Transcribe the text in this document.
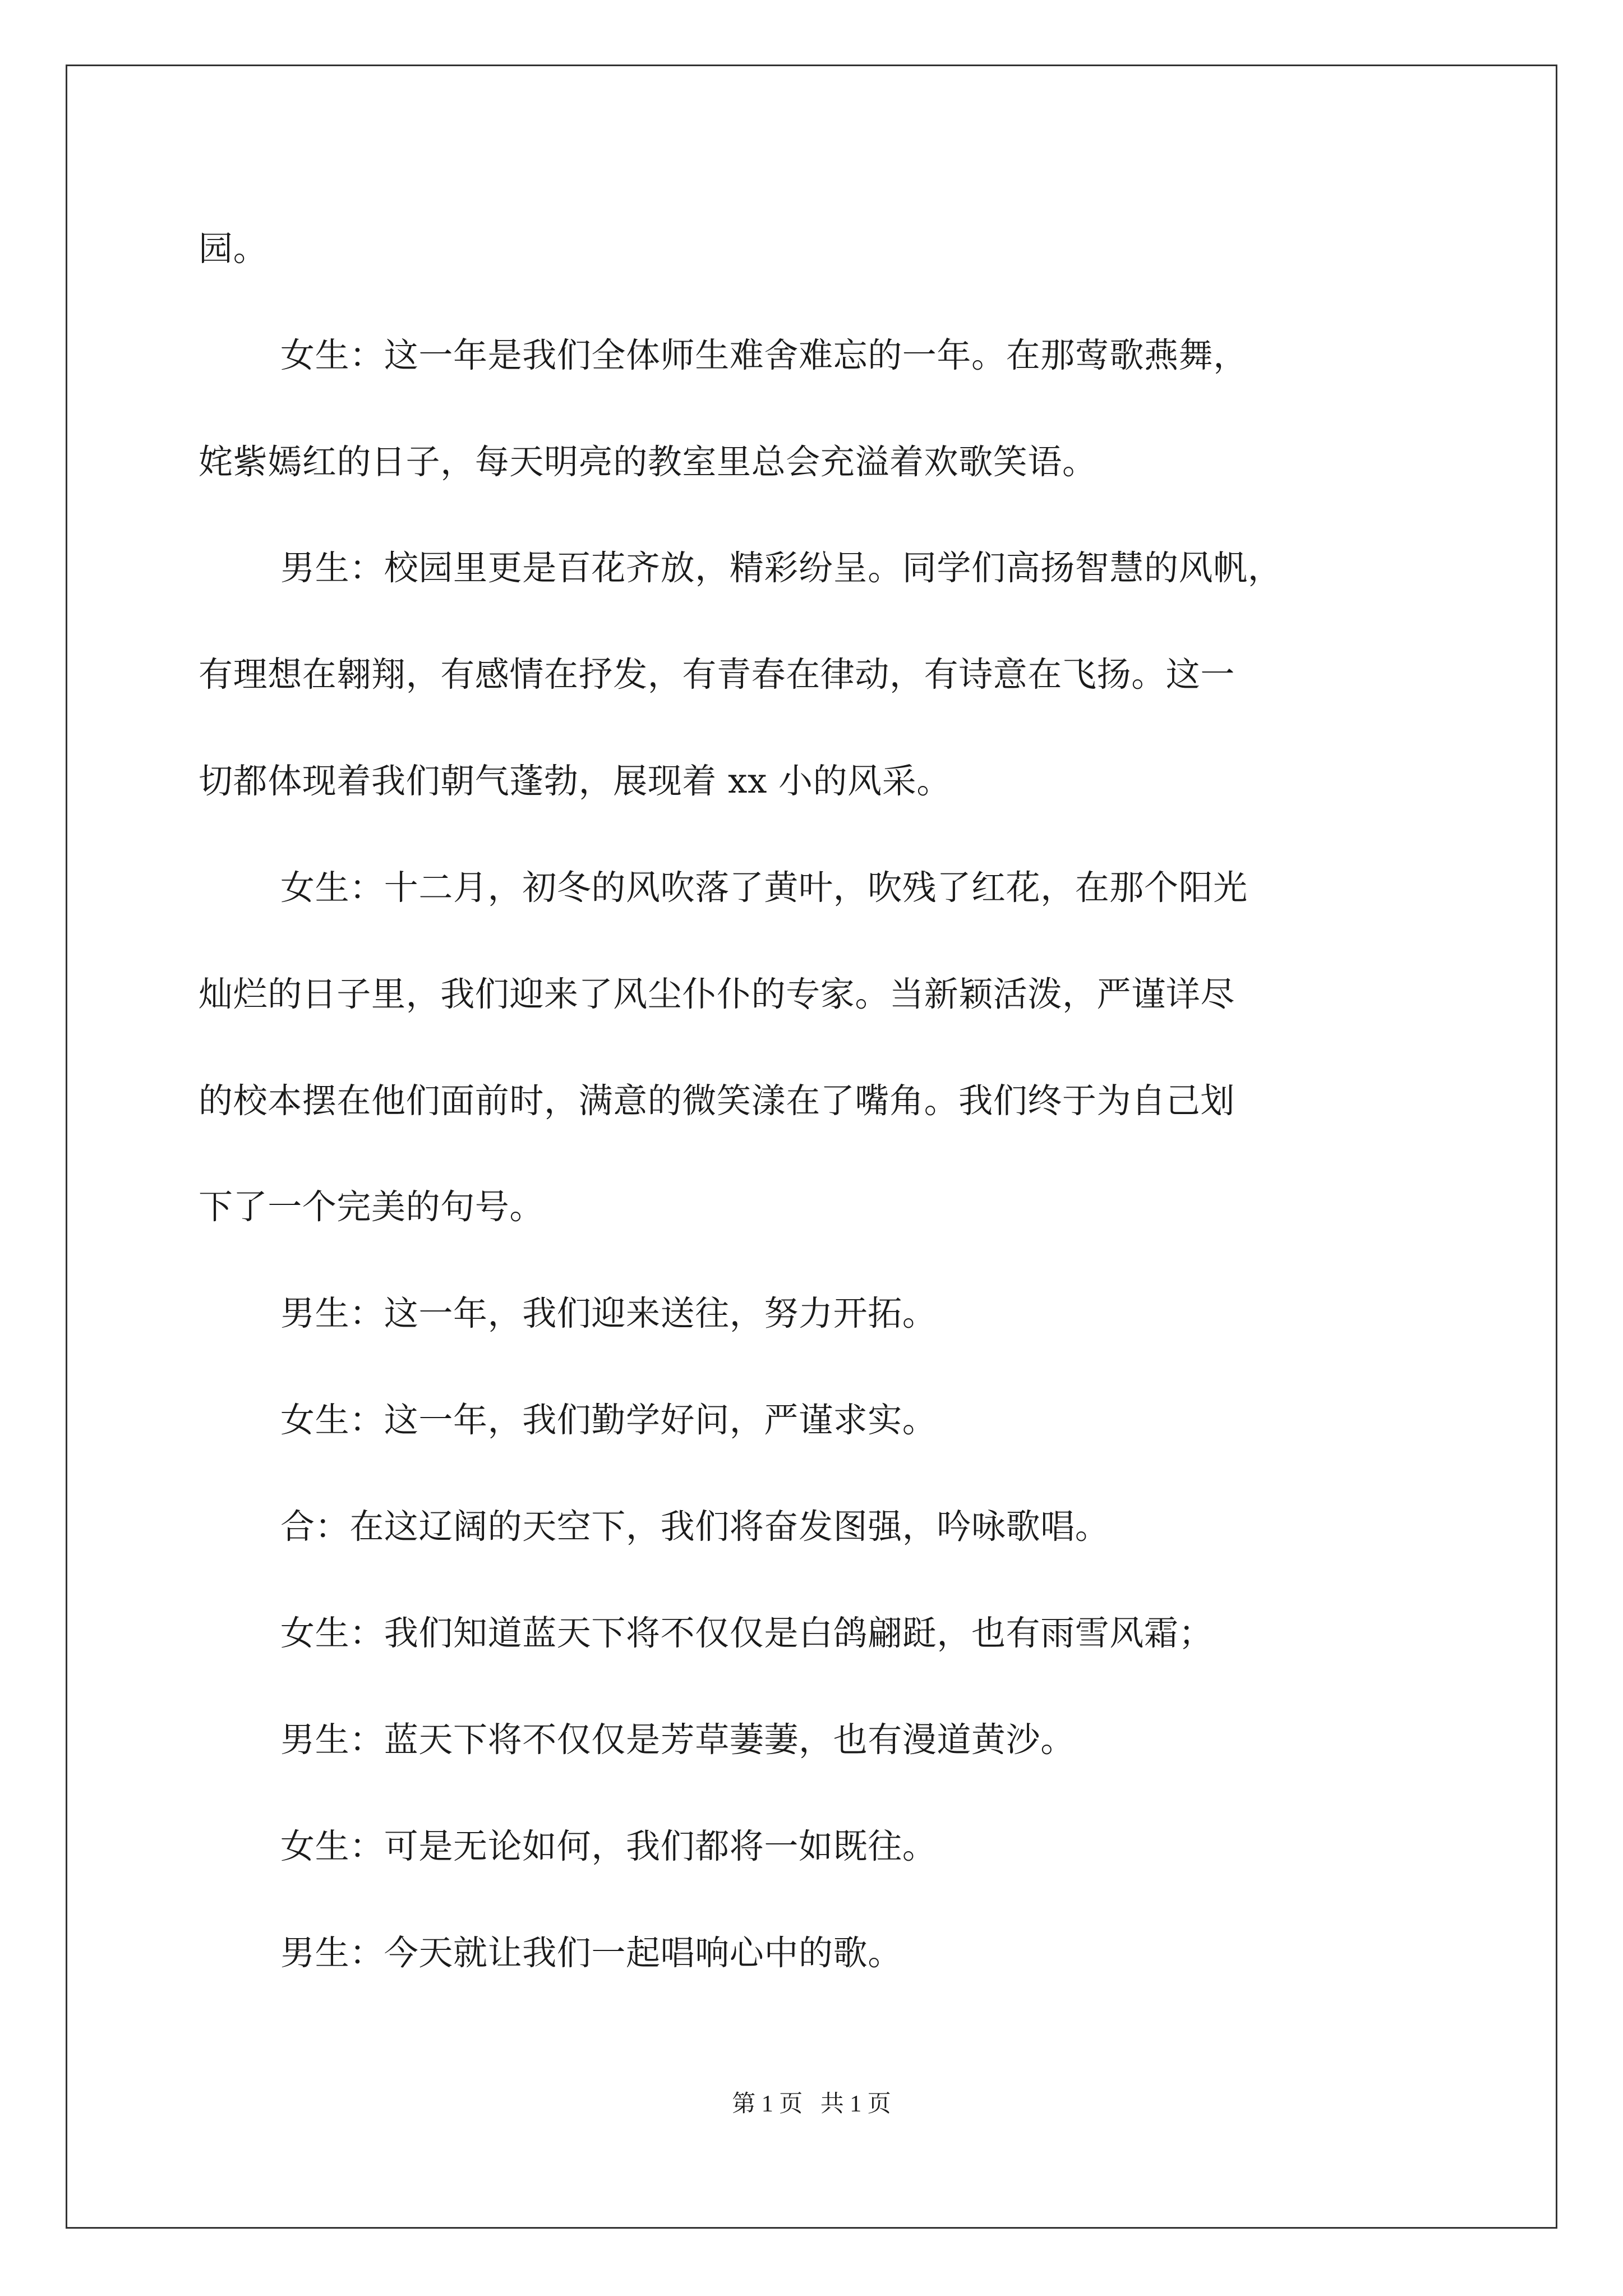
园。
女生：这一年是我们全体师生难舍难忘的一年。在那莺歌燕舞，
姹紫嫣红的日子，每天明亮的教室里总会充溢着欢歌笑语。
男生：校园里更是百花齐放，精彩纷呈。同学们高扬智慧的风帆，
有理想在翱翔，有感情在抒发，有青春在律动，有诗意在飞扬。这一
切都体现着我们朝气蓬勃，展现着 xx 小的风采。
女生：十二月，初冬的风吹落了黄叶，吹残了红花，在那个阳光
灿烂的日子里，我们迎来了风尘仆仆的专家。当新颖活泼，严谨详尽
的校本摆在他们面前时，满意的微笑漾在了嘴角。我们终于为自己划
下了一个完美的句号。
男生：这一年，我们迎来送往，努力开拓。
女生：这一年，我们勤学好问，严谨求实。
合：在这辽阔的天空下，我们将奋发图强，吟咏歌唱。
女生：我们知道蓝天下将不仅仅是白鸽翩跹，也有雨雪风霜；
男生：蓝天下将不仅仅是芳草萋萋，也有漫道黄沙。
女生：可是无论如何，我们都将一如既往。
男生：今天就让我们一起唱响心中的歌。
第 1 页   共 1 页
